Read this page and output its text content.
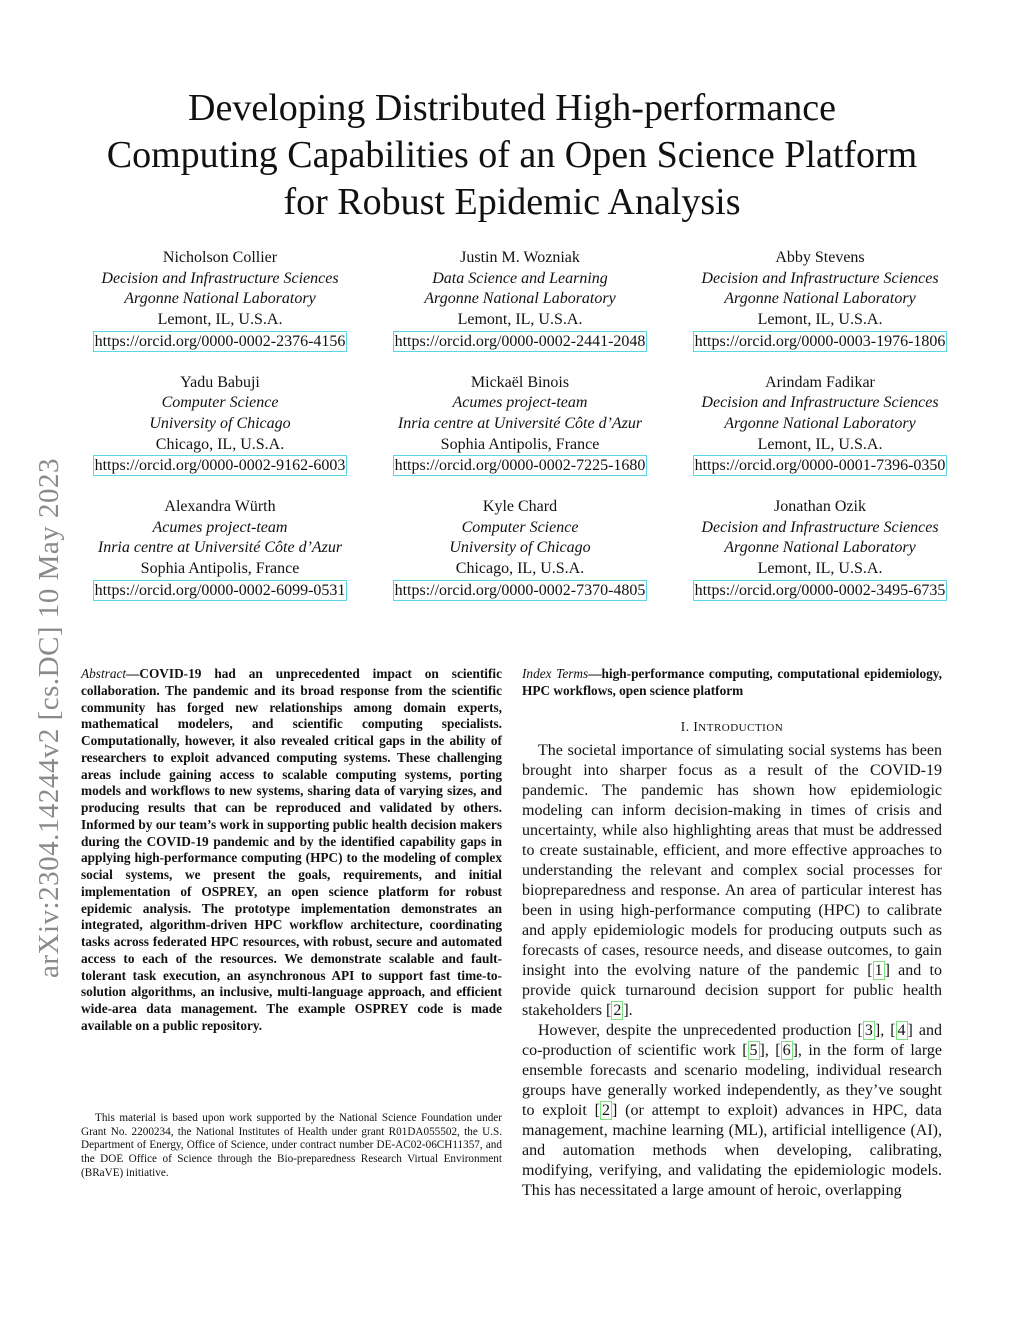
arXiv:2304.14244v2 [cs.DC] 10 May 2023
Developing Distributed High-performance Computing Capabilities of an Open Science Platform for Robust Epidemic Analysis
Nicholson Collier
Decision and Infrastructure Sciences
Argonne National Laboratory
Lemont, IL, U.S.A.
https://orcid.org/0000-0002-2376-4156
Justin M. Wozniak
Data Science and Learning
Argonne National Laboratory
Lemont, IL, U.S.A.
https://orcid.org/0000-0002-2441-2048
Abby Stevens
Decision and Infrastructure Sciences
Argonne National Laboratory
Lemont, IL, U.S.A.
https://orcid.org/0000-0003-1976-1806
Yadu Babuji
Computer Science
University of Chicago
Chicago, IL, U.S.A.
https://orcid.org/0000-0002-9162-6003
Mickaël Binois
Acumes project-team
Inria centre at Université Côte d’Azur
Sophia Antipolis, France
https://orcid.org/0000-0002-7225-1680
Arindam Fadikar
Decision and Infrastructure Sciences
Argonne National Laboratory
Lemont, IL, U.S.A.
https://orcid.org/0000-0001-7396-0350
Alexandra Würth
Acumes project-team
Inria centre at Université Côte d’Azur
Sophia Antipolis, France
https://orcid.org/0000-0002-6099-0531
Kyle Chard
Computer Science
University of Chicago
Chicago, IL, U.S.A.
https://orcid.org/0000-0002-7370-4805
Jonathan Ozik
Decision and Infrastructure Sciences
Argonne National Laboratory
Lemont, IL, U.S.A.
https://orcid.org/0000-0002-3495-6735

Abstract—COVID-19 had an unprecedented impact on scientific collaboration. The pandemic and its broad response from the scientific community has forged new relationships among domain experts, mathematical modelers, and scientific computing specialists. Computationally, however, it also revealed critical gaps in the ability of researchers to exploit advanced computing systems. These challenging areas include gaining access to scalable computing systems, porting models and workflows to new systems, sharing data of varying sizes, and producing results that can be reproduced and validated by others. Informed by our team’s work in supporting public health decision makers during the COVID-19 pandemic and by the identified capability gaps in applying high-performance computing (HPC) to the modeling of complex social systems, we present the goals, requirements, and initial implementation of OSPREY, an open science platform for robust epidemic analysis. The prototype implementation demonstrates an integrated, algorithm-driven HPC workflow architecture, coordinating tasks across federated HPC resources, with robust, secure and automated access to each of the resources. We demonstrate scalable and fault-tolerant task execution, an asynchronous API to support fast time-to-solution algorithms, an inclusive, multi-language approach, and efficient wide-area data management. The example OSPREY code is made available on a public repository.

This material is based upon work supported by the National Science Foundation under Grant No. 2200234, the National Institutes of Health under grant R01DA055502, the U.S. Department of Energy, Office of Science, under contract number DE-AC02-06CH11357, and the DOE Office of Science through the Bio-preparedness Research Virtual Environment (BRaVE) initiative.

Index Terms—high-performance computing, computational epidemiology, HPC workflows, open science platform

I. INTRODUCTION

The societal importance of simulating social systems has been brought into sharper focus as a result of the COVID-19 pandemic. The pandemic has shown how epidemiologic modeling can inform decision-making in times of crisis and uncertainty, while also highlighting areas that must be addressed to create sustainable, efficient, and more effective approaches to understanding the relevant and complex social processes for biopreparedness and response. An area of particular interest has been in using high-performance computing (HPC) to calibrate and apply epidemiologic models for producing outputs such as forecasts of cases, resource needs, and disease outcomes, to gain insight into the evolving nature of the pandemic [ 1 ] and to provide quick turnaround decision support for public health stakeholders [ 2 ].

However, despite the unprecedented production [ 3 ], [ 4 ] and co-production of scientific work [ 5 ], [ 6 ], in the form of large ensemble forecasts and scenario modeling, individual research groups have generally worked independently, as they’ve sought to exploit [ 2 ] (or attempt to exploit) advances in HPC, data management, machine learning (ML), artificial intelligence (AI), and automation methods when developing, calibrating, modifying, verifying, and validating the epidemiologic models. This has necessitated a large amount of heroic, overlapping
